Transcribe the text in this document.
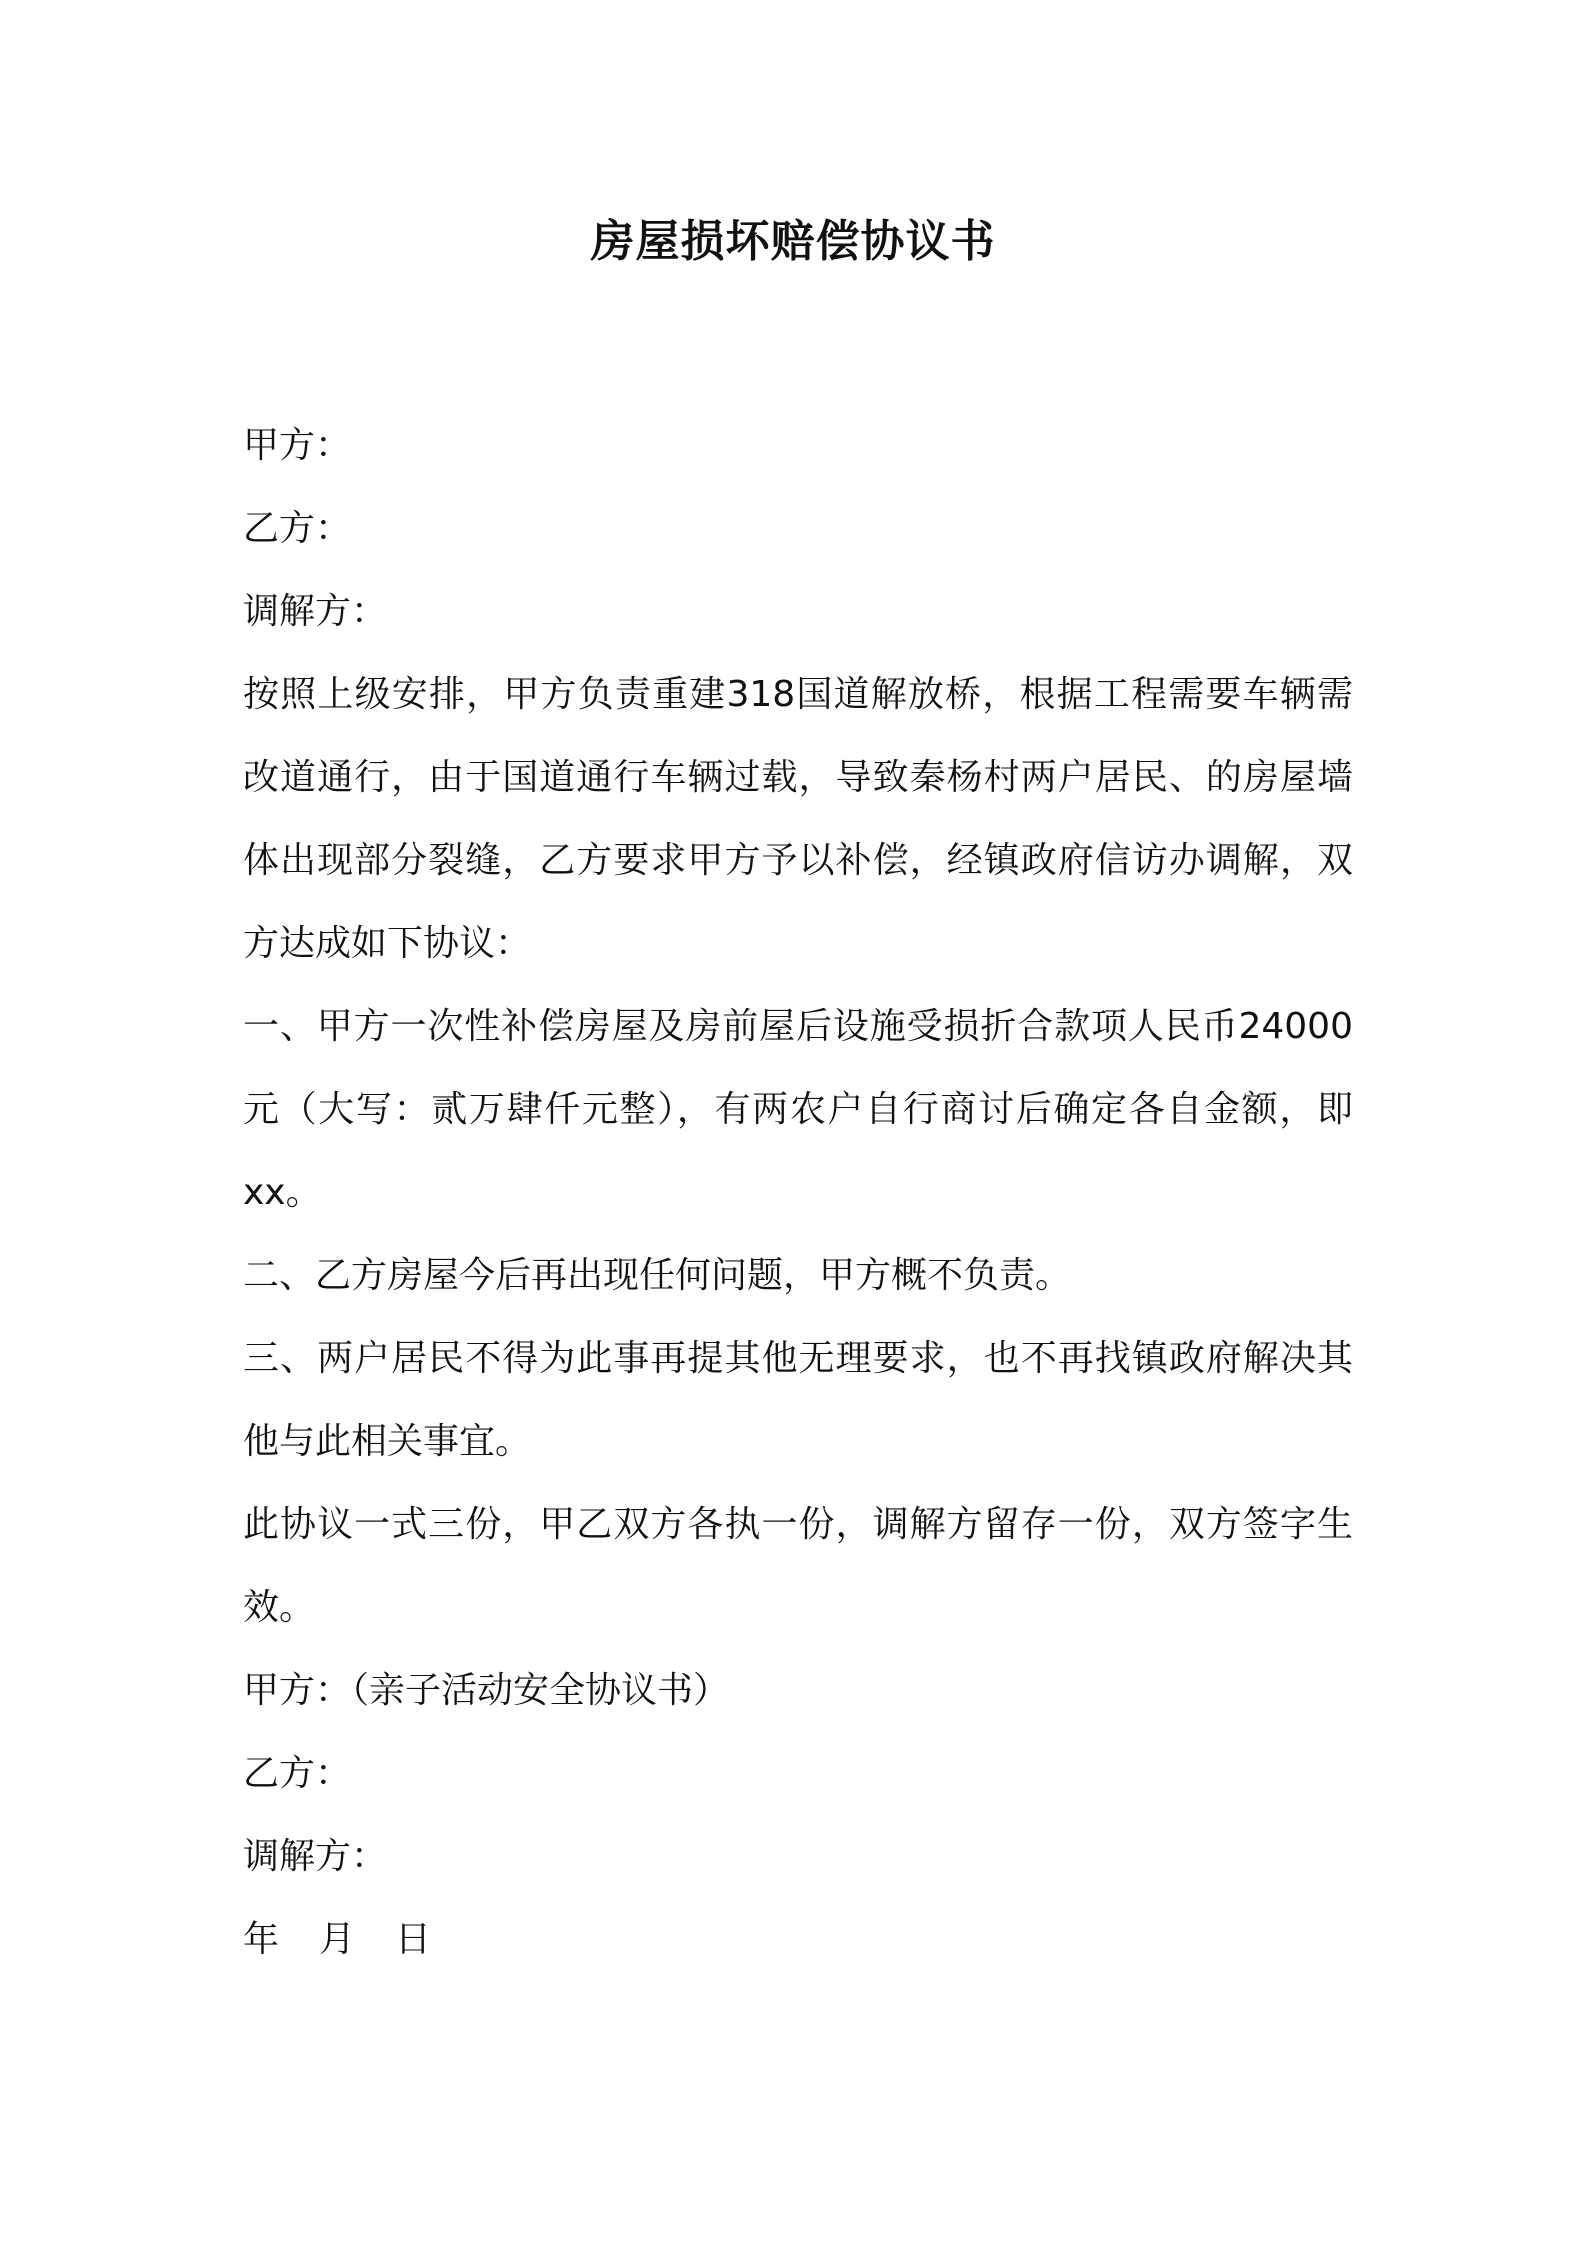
房屋损坏赔偿协议书

甲方：

乙方：

调解方：

按照上级安排，甲方负责重建318国道解放桥，根据工程需要车辆需改道通行，由于国道通行车辆过载，导致秦杨村两户居民、的房屋墙体出现部分裂缝，乙方要求甲方予以补偿，经镇政府信访办调解，双方达成如下协议：

一、甲方一次性补偿房屋及房前屋后设施受损折合款项人民币24000元（大写：贰万肆仟元整），有两农户自行商讨后确定各自金额，即xx。

二、乙方房屋今后再出现任何问题，甲方概不负责。

三、两户居民不得为此事再提其他无理要求，也不再找镇政府解决其他与此相关事宜。

此协议一式三份，甲乙双方各执一份，调解方留存一份，双方签字生效。

甲方：（亲子活动安全协议书）

乙方：

调解方：

年 月 日
